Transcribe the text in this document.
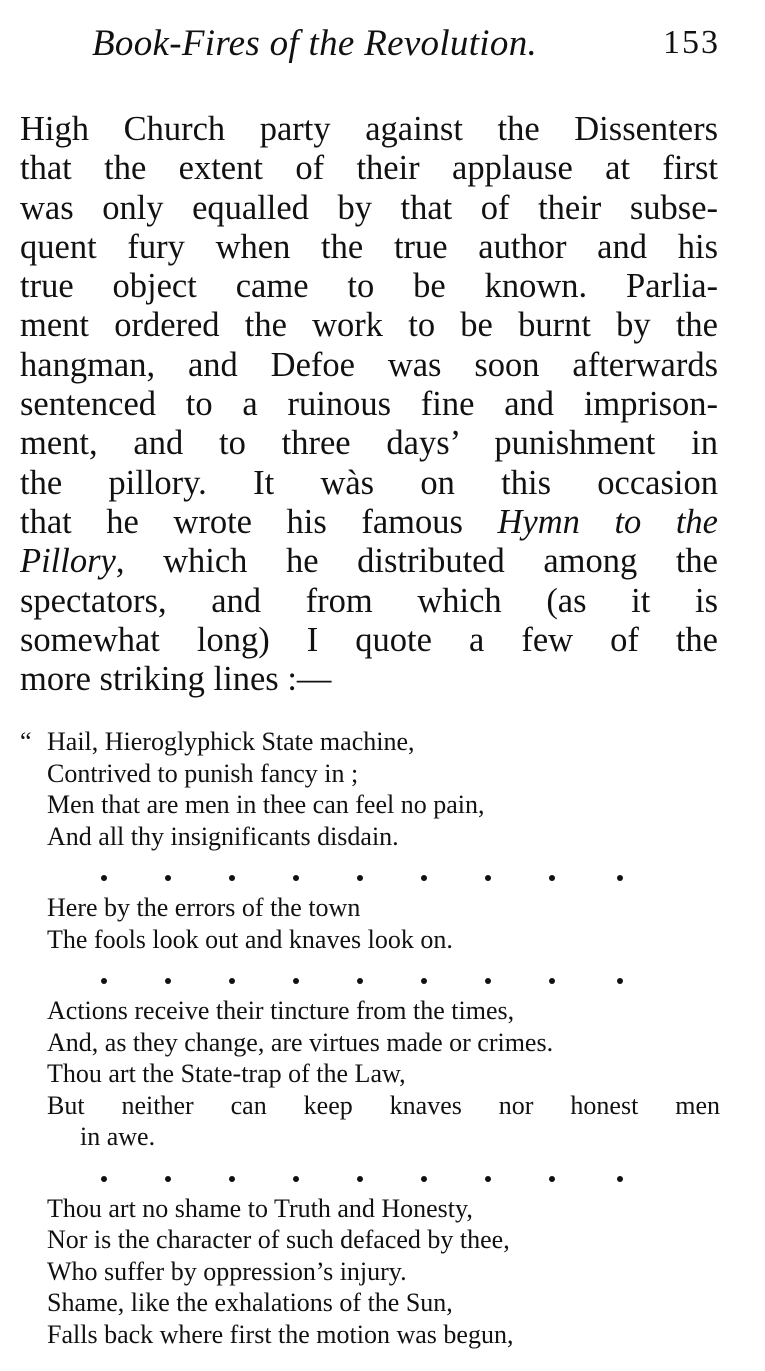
Book-Fires of the Revolution.	153
High Church party against the Dissenters
that the extent of their applause at first
was only equalled by that of their subse-
quent fury when the true author and his
true object came to be known. Parlia-
ment ordered the work to be burnt by the
hangman, and Defoe was soon afterwards
sentenced to a ruinous fine and imprison-
ment, and to three days’ punishment in
the pillory. It wàs on this occasion
that he wrote his famous Hymn to the
Pillory, which he distributed among the
spectators, and from which (as it is
somewhat long) I quote a few of the
more striking lines :—
“ Hail, Hieroglyphick State machine,
Contrived to punish fancy in ;
Men that are men in thee can feel no pain,
And all thy insignificants disdain.
Here by the errors of the town
The fools look out and knaves look on.
Actions receive their tincture from the times,
And, as they change, are virtues made or crimes.
Thou art the State-trap of the Law,
But neither can keep knaves nor honest men
in awe.
Thou art no shame to Truth and Honesty,
Nor is the character of such defaced by thee,
Who suffer by oppression’s injury.
Shame, like the exhalations of the Sun,
Falls back where first the motion was begun,
